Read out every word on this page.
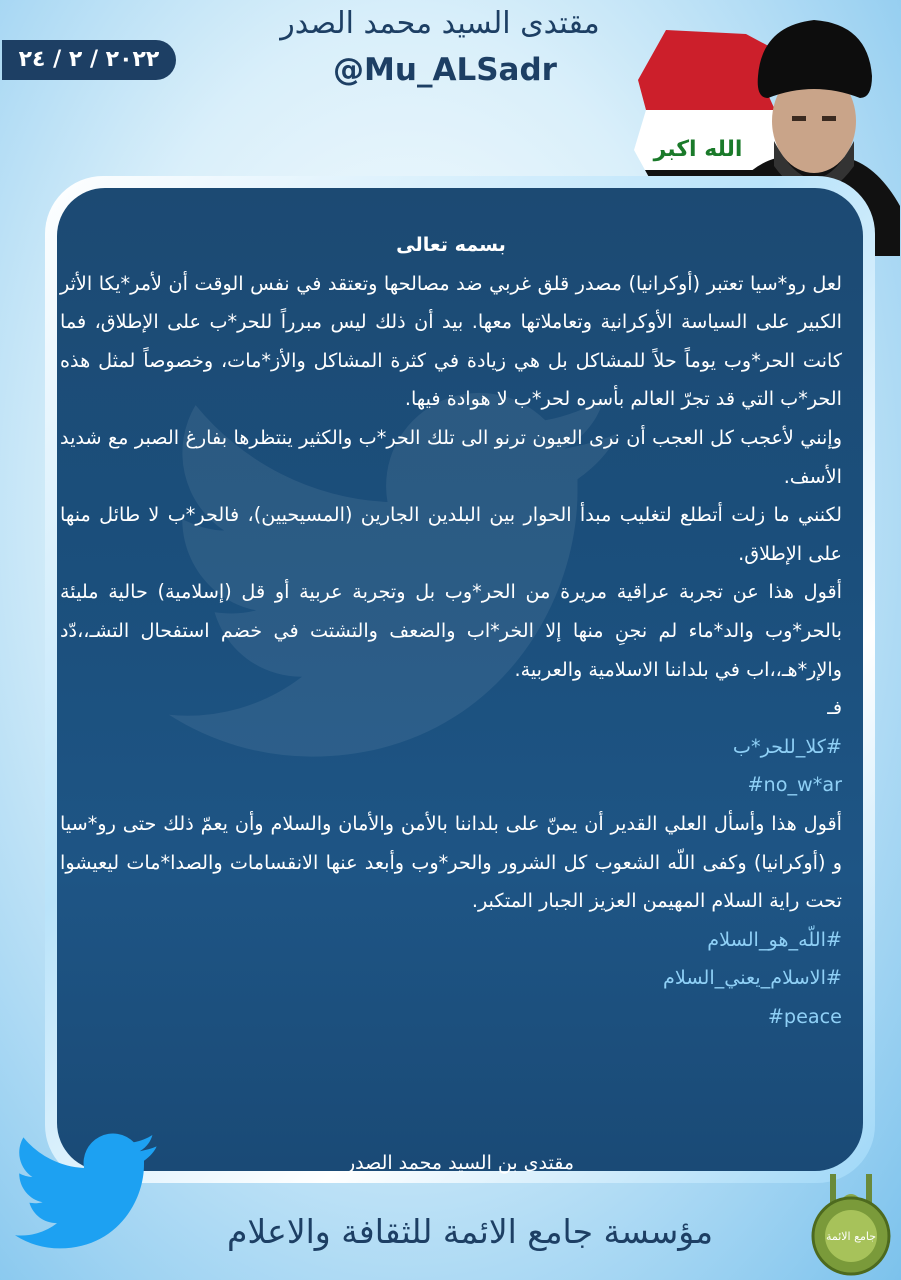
٢٠٢٢ / ٢ / ٢٤
مقتدى السيد محمد الصدر
@Mu_ALSadr
الله اكبر

بسمه تعالى

لعل رو*سيا تعتبر (أوكرانيا) مصدر قلق غربي ضد مصالحها وتعتقد في نفس الوقت أن لأمر*يكا الأثر الكبير على السياسة الأوكرانية وتعاملاتها معها. بيد أن ذلك ليس مبرراً للحر*ب على الإطلاق، فما كانت الحر*وب يوماً حلاً للمشاكل بل هي زيادة في كثرة المشاكل والأز*مات، وخصوصاً لمثل هذه الحر*ب التي قد تجرّ العالم بأسره لحر*ب لا هوادة فيها.

وإنني لأعجب كل العجب أن نرى العيون ترنو الى تلك الحر*ب والكثير ينتظرها بفارغ الصبر مع شديد الأسف.

لكنني ما زلت أتطلع لتغليب مبدأ الحوار بين البلدين الجارين (المسيحيين)، فالحر*ب لا طائل منها على الإطلاق.

أقول هذا عن تجربة عراقية مريرة من الحر*وب بل وتجربة عربية أو قل (إسلامية) حالية مليئة بالحر*وب والد*ماء لم نجنِ منها إلا الخر*اب والضعف والتشتت في خضم استفحال التشـ،،دّد والإر*هـ،،اب في بلداننا الاسلامية والعربية.

فـ

#كلا_للحر*ب

#no_w*ar

أقول هذا وأسأل العلي القدير أن يمنّ على بلداننا بالأمن والأمان والسلام وأن يعمّ ذلك حتى رو*سيا و (أوكرانيا) وكفى اللّه الشعوب كل الشرور والحر*وب وأبعد عنها الانقسامات والصدا*مات ليعيشوا تحت راية السلام المهيمن العزيز الجبار المتكبر.

#اللّه_هو_السلام

#الاسلام_يعني_السلام

#peace

مقتدى بن السيد محمد الصدر
مؤسسة جامع الائمة للثقافة والاعلام	جامع الائمة
